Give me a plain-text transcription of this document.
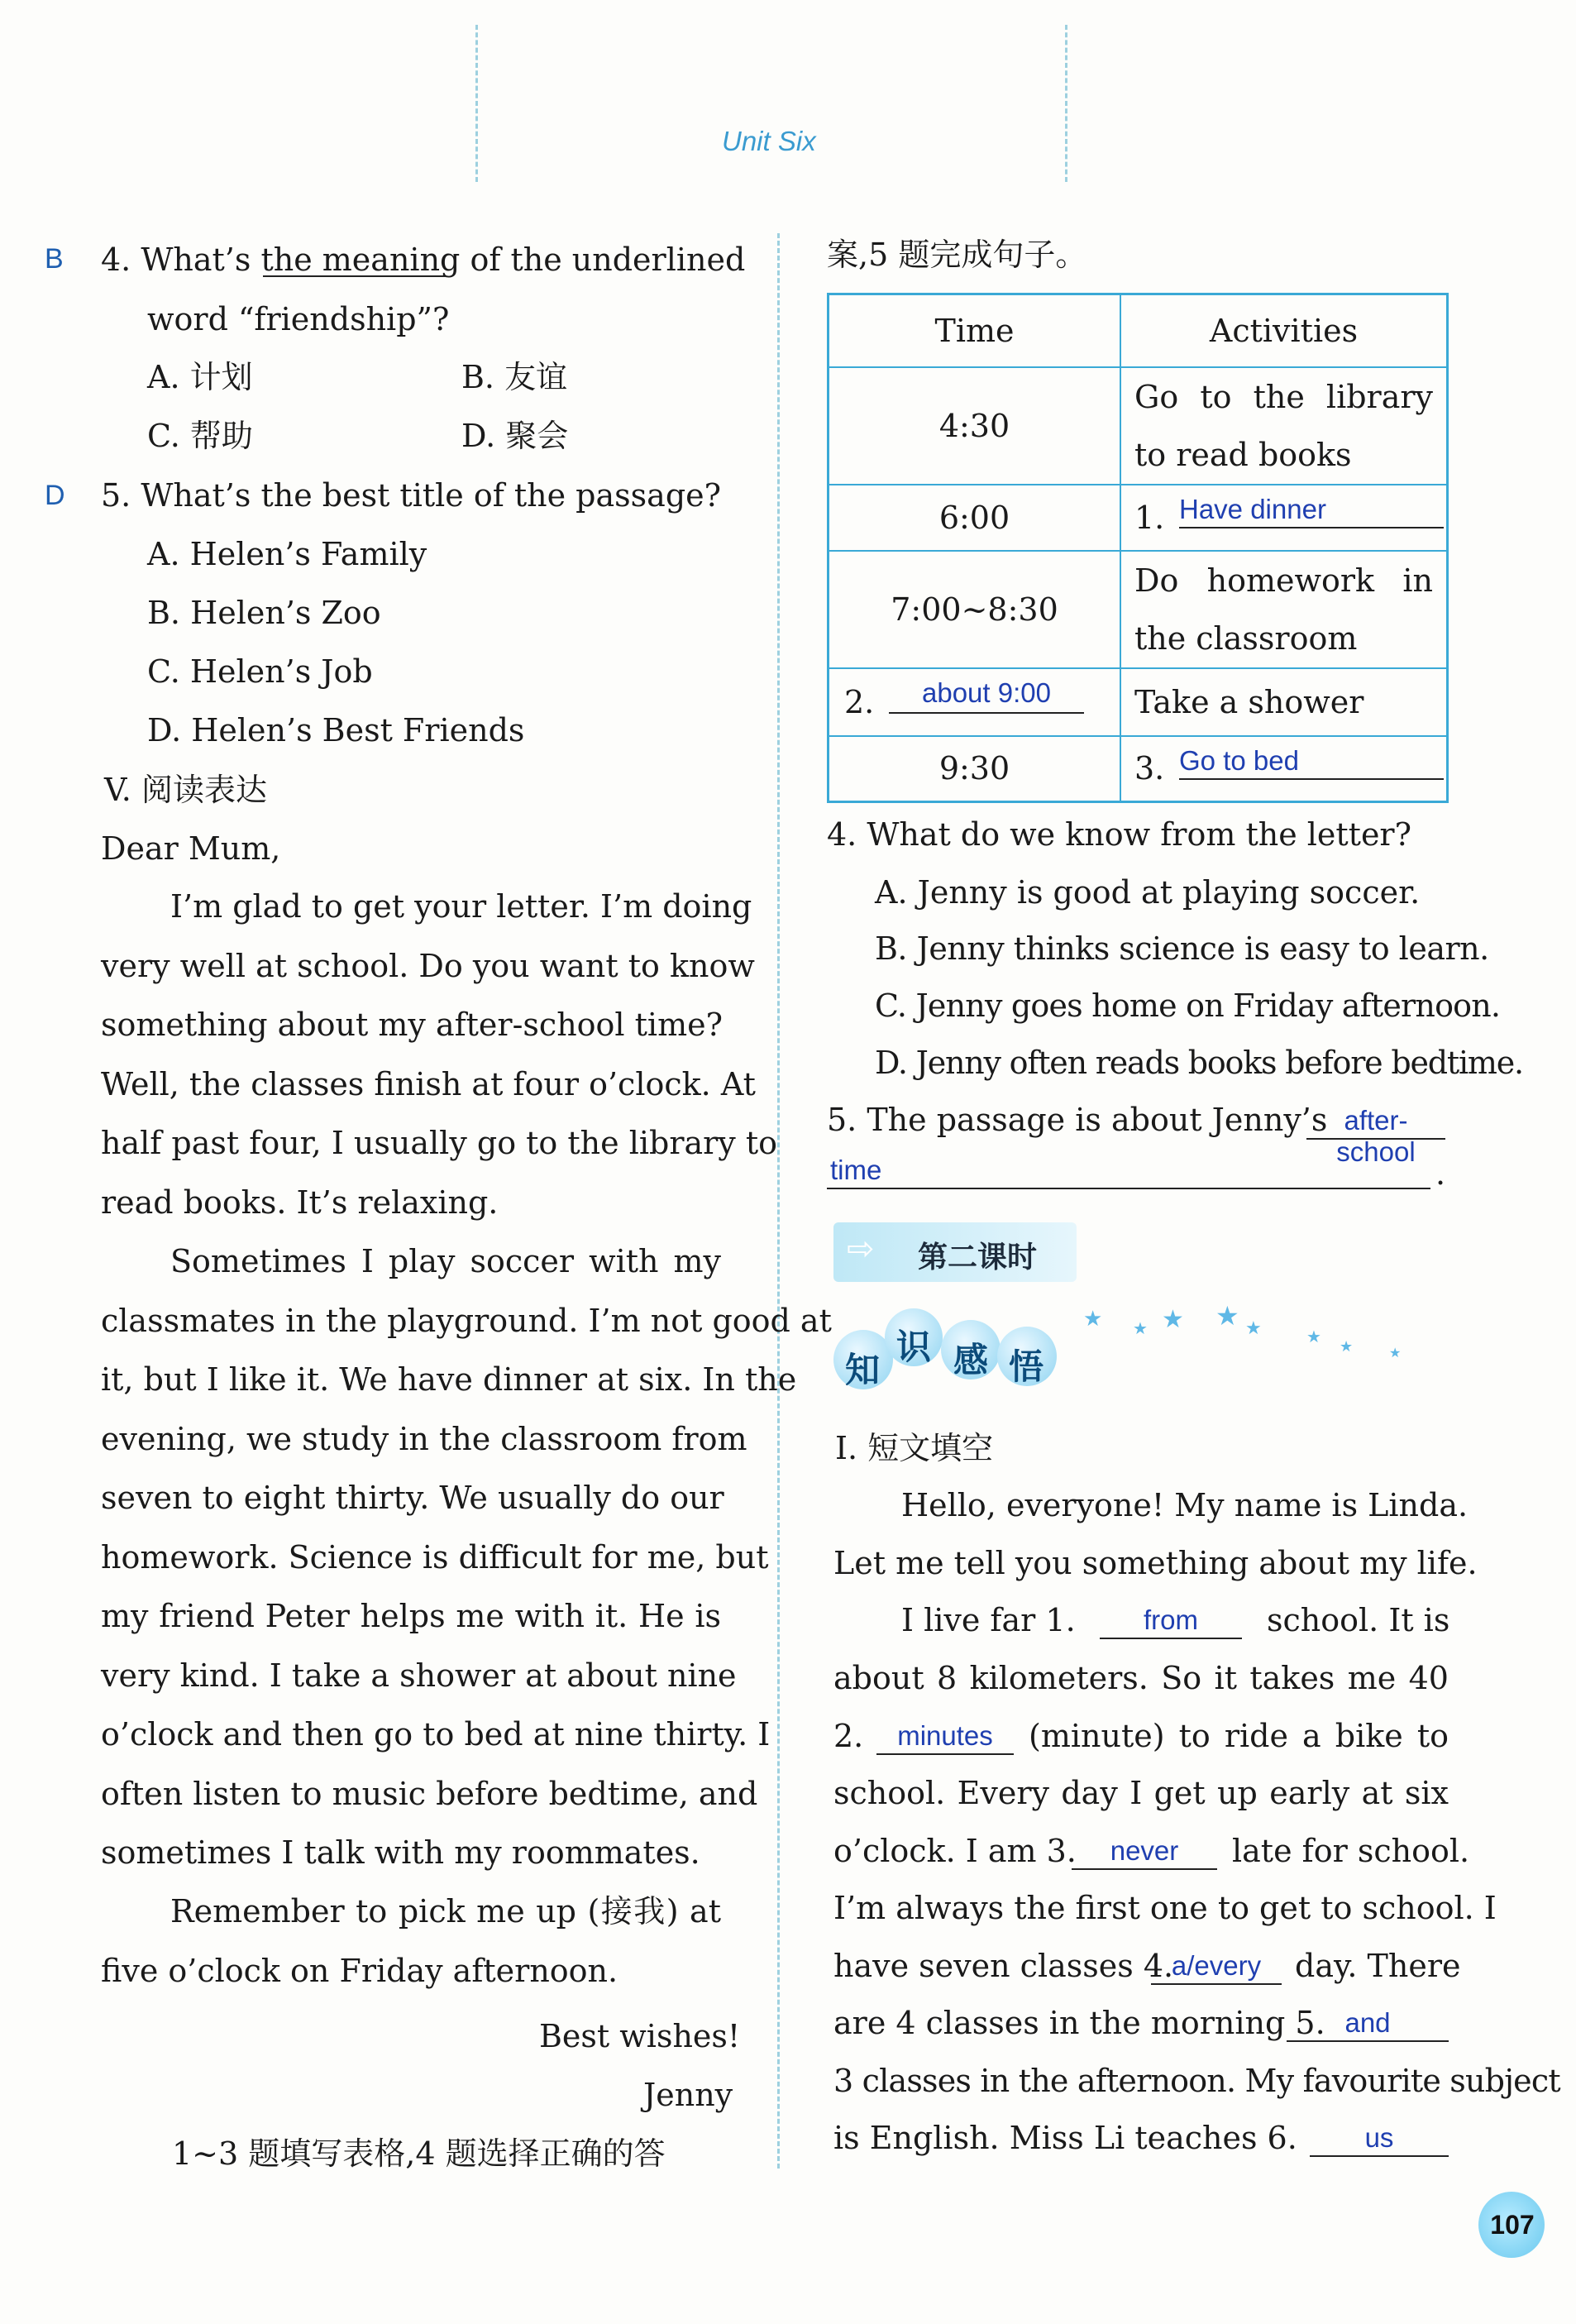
Unit Six
B 4. What’s the meaning of the underlined
word “friendship”?
A. 计划	B. 友谊
C. 帮助	D. 聚会
D 5. What’s the best title of the passage?
A. Helen’s Family
B. Helen’s Zoo
C. Helen’s Job
D. Helen’s Best Friends
V. 阅读表达
Dear Mum,
I’m glad to get your letter. I’m doing
very well at school. Do you want to know
something about my after-school time?
Well, the classes finish at four o’clock. At
half past four, I usually go to the library to
read books. It’s relaxing.
Sometimes I play soccer with my
classmates in the playground. I’m not good at
it, but I like it. We have dinner at six. In the
evening, we study in the classroom from
seven to eight thirty. We usually do our
homework. Science is difficult for me, but
my friend Peter helps me with it. He is
very kind. I take a shower at about nine
o’clock and then go to bed at nine thirty. I
often listen to music before bedtime, and
sometimes I talk with my roommates.
Remember to pick me up (接我) at
five o’clock on Friday afternoon.
Best wishes!
Jenny
1~3 题填写表格,4 题选择正确的答
案,5 题完成句子。
Time	Activities
4:30	Go to the library to read books
6:00	1. Have dinner

7:00~8:30	Do homework in the classroom
2. about 9:00	Take a shower
9:30	3. Go to bed
4. What do we know from the letter?
A. Jenny is good at playing soccer.
B. Jenny thinks science is easy to learn.
C. Jenny goes home on Friday afternoon.
D. Jenny often reads books before bedtime.
5. The passage is about Jenny’s after-school
time	.
⇨ 第二课时
知
识 感 悟
★ ★ ★ ★ ★	★
★	★
I. 短文填空
Hello, everyone! My name is Linda.
Let me tell you something about my life.
I live far 1.	from	school. It is
about 8 kilometers. So it takes me 40
2.	minutes	(minute) to ride a bike to
school. Every day I get up early at six
o’clock. I am 3.	never	late for school.
I’m always the first one to get to school. I
have seven classes 4.
a/every	day. There
are 4 classes in the morning 5. and
3 classes in the afternoon. My favourite subject
is English. Miss Li teaches 6.	us
107
